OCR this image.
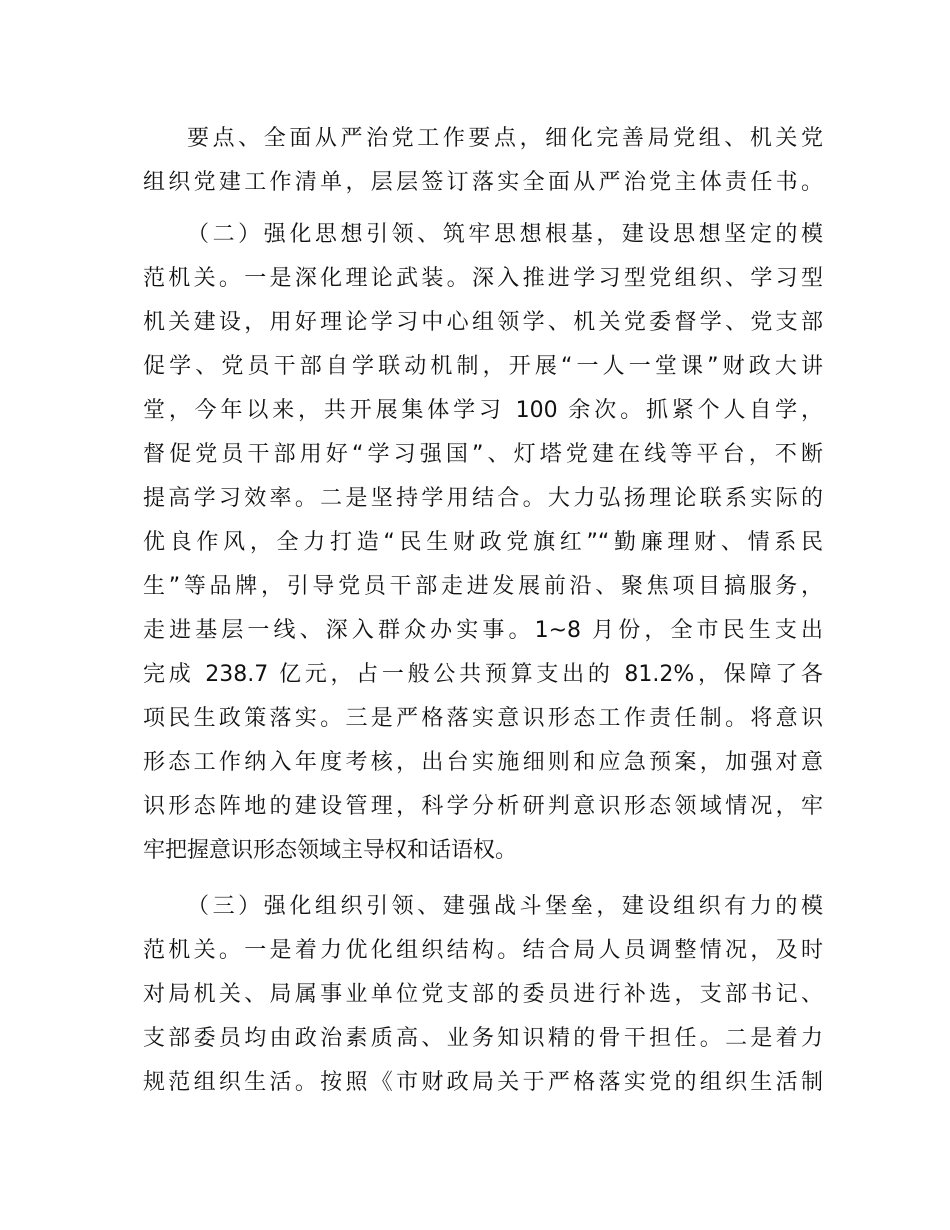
要点、全面从严治党工作要点，细化完善局党组、机关党
组织党建工作清单，层层签订落实全面从严治党主体责任书。
（二）强化思想引领、筑牢思想根基，建设思想坚定的模
范机关。一是深化理论武装。深入推进学习型党组织、学习型
机关建设，用好理论学习中心组领学、机关党委督学、党支部
促学、党员干部自学联动机制，开展“一人一堂课”财政大讲
堂，今年以来，共开展集体学习 100 余次。抓紧个人自学，
督促党员干部用好“学习强国”、灯塔党建在线等平台，不断
提高学习效率。二是坚持学用结合。大力弘扬理论联系实际的
优良作风，全力打造“民生财政党旗红”“勤廉理财、情系民
生”等品牌，引导党员干部走进发展前沿、聚焦项目搞服务，
走进基层一线、深入群众办实事。1~8 月份，全市民生支出
完成 238.7 亿元，占一般公共预算支出的 81.2%，保障了各
项民生政策落实。三是严格落实意识形态工作责任制。将意识
形态工作纳入年度考核，出台实施细则和应急预案，加强对意
识形态阵地的建设管理，科学分析研判意识形态领域情况，牢
牢把握意识形态领域主导权和话语权。
（三）强化组织引领、建强战斗堡垒，建设组织有力的模
范机关。一是着力优化组织结构。结合局人员调整情况，及时
对局机关、局属事业单位党支部的委员进行补选，支部书记、
支部委员均由政治素质高、业务知识精的骨干担任。二是着力
规范组织生活。按照《市财政局关于严格落实党的组织生活制
